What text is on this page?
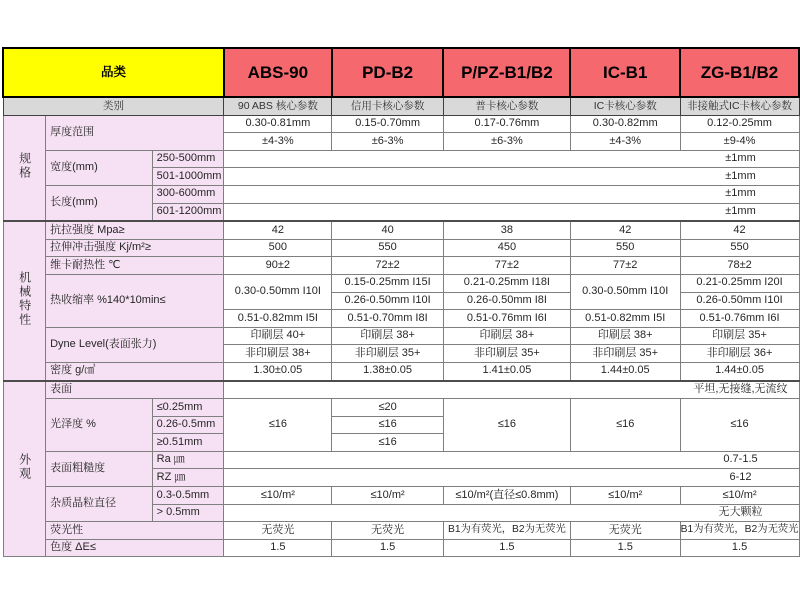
品类			ABS-90	PD-B2	P/PZ-B1/B2	IC-B1	ZG-B1/B2
类别			90 ABS 核心参数	信用卡核心参数	普卡核心参数	IC卡核心参数	非接触式IC卡核心参数
规格	厚度范围		0.30-0.81mm	0.15-0.70mm	0.17-0.76mm	0.30-0.82mm	0.12-0.25mm
			±4-3%	±6-3%	±6-3%	±4-3%	±9-4%
	宽度(mm)	250-500mm	±1mm				
		501-1000mm	±1mm				
	长度(mm)	300-600mm	±1mm				
		601-1200mm	±1mm				
机械特性	抗拉强度 Mpa≥		42	40	38	42	42
	拉伸冲击强度 Kj/m²≥		500	550	450	550	550
	维卡耐热性 ℃		90±2	72±2	77±2	77±2	78±2
	热收缩率 %140*10min≤		0.30-0.50mm I10I	0.15-0.25mm I15I	0.21-0.25mm I18I	0.30-0.50mm I10I	0.21-0.25mm I20I
				0.26-0.50mm I10I	0.26-0.50mm I8I		0.26-0.50mm I10I
			0.51-0.82mm I5I	0.51-0.70mm I8I	0.51-0.76mm I6I	0.51-0.82mm I5I	0.51-0.76mm I6I
	Dyne Level(表面张力)		印刷层 40+	印刷层 38+	印刷层 38+	印刷层 38+	印刷层 35+
			非印刷层 38+	非印刷层 35+	非印刷层 35+	非印刷层 35+	非印刷层 36+
	密度 g/㎤		1.30±0.05	1.38±0.05	1.41±0.05	1.44±0.05	1.44±0.05
外观	表面		平坦,无接缝,无流纹				
	光泽度 %	≤0.25mm	≤16	≤20	≤16	≤16	≤16
		0.26-0.5mm		≤16			
		≥0.51mm		≤16			
	表面粗糙度	Ra ㎛	0.7-1.5				
		RZ ㎛	6-12				
	杂质晶粒直径	0.3-0.5mm	≤10/m²	≤10/m²	≤10/m²(直径≤0.8mm)	≤10/m²	≤10/m²
		> 0.5mm	无大颗粒				
	荧光性		无荧光	无荧光	B1为有荧光，B2为无荧光	无荧光	B1为有荧光，B2为无荧光
	色度 ΔE≤		1.5	1.5	1.5	1.5	1.5
